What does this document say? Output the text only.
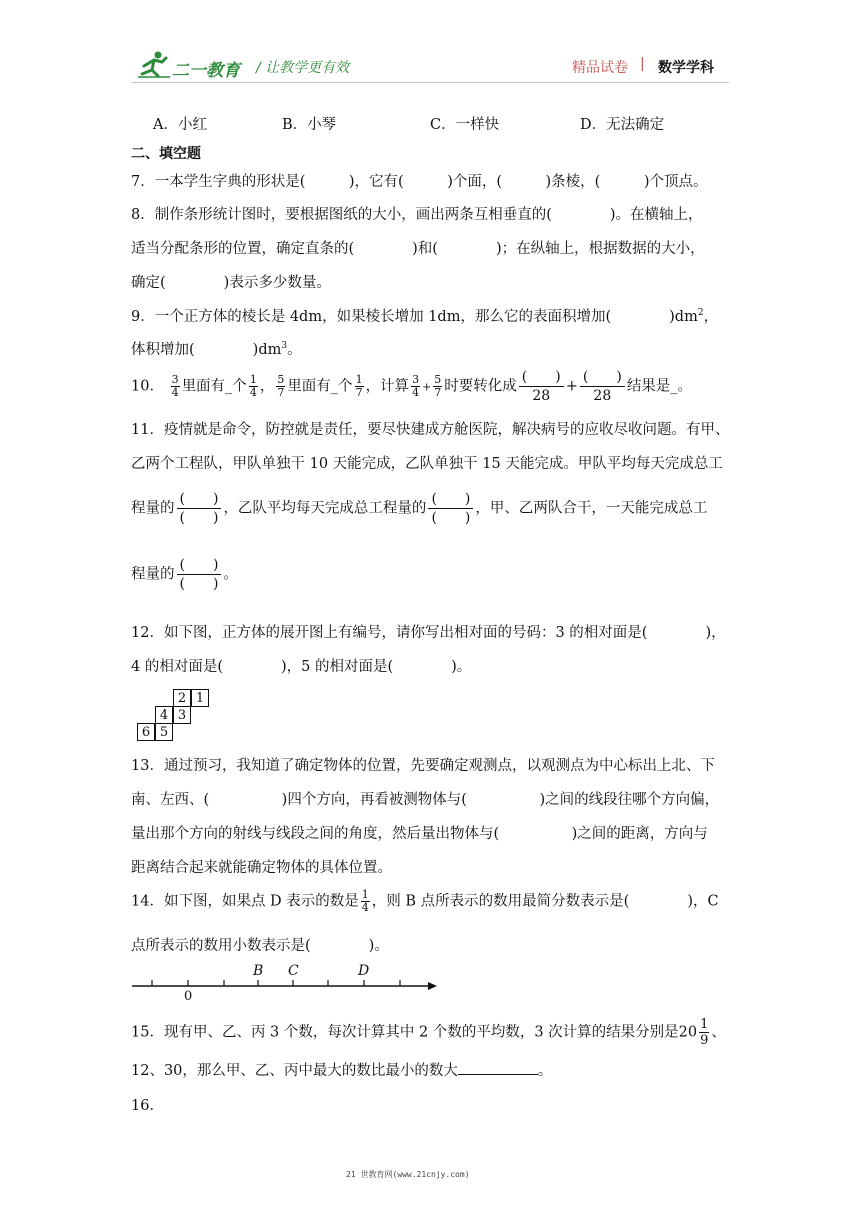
二一教育 / 让教学更有效	精品试卷 | 数学学科
A．小红	B．小琴	C．一样快	D．无法确定
二、填空题
7．一本学生字典的形状是(　　　)，它有(　　　)个面，(　　　)条棱，(　　　)个顶点。
8．制作条形统计图时，要根据图纸的大小，画出两条互相垂直的(　　　　)。在横轴上，
适当分配条形的位置，确定直条的(　　　　)和(　　　　)；在纵轴上，根据数据的大小，
确定(　　　　)表示多少数量。
9．一个正方体的棱长是 4dm，如果棱长增加 1dm，那么它的表面积增加(　　　　)$dm^2$，
体积增加(　　　　)$dm^3$。
10． $\frac{3}{4}$ 里面有_个 $\frac{1}{4}$ ， $\frac{5}{7}$ 里面有_个 $\frac{1}{7}$ ，计算 $\frac{3}{4} + \frac{5}{7}$ 时要转化成
(　　)
28
+
(　　)
28
结果是_。
11．疫情就是命令，防控就是责任，要尽快建成方舱医院，解决病号的应收尽收问题。有甲、
乙两个工程队，甲队单独干 10 天能完成，乙队单独干 15 天能完成。甲队平均每天完成总工
程量的
(　　)
(　　)
，乙队平均每天完成总工程量的
(　　)
(　　)
，甲、乙两队合干，一天能完成总工
程量的
(　　)
(　　)
。
12．如下图，正方体的展开图上有编号，请你写出相对面的号码：3 的相对面是(　　　　)，
4 的相对面是(　　　　)，5 的相对面是(　　　　)。
2 1
4 3
6 5
13．通过预习，我知道了确定物体的位置，先要确定观测点，以观测点为中心标出上北、下
南、左西、(　　　　　)四个方向，再看被测物体与(　　　　　)之间的线段往哪个方向偏，
量出那个方向的射线与线段之间的角度，然后量出物体与(　　　　　)之间的距离，方向与
距离结合起来就能确定物体的具体位置。
14．如下图，如果点 D 表示的数是 $\frac{1}{4}$ ，则 B 点所表示的数用最简分数表示是(　　　　)，C
点所表示的数用小数表示是(　　　　)。
B C	D
0
15．现有甲、乙、丙 3 个数，每次计算其中 2 个数的平均数，3 次计算的结果分别是$20 \frac{1}{9}$ 、
12、30，那么甲、乙、丙中最大的数比最小的数大	。
16．
21 世教育网(www.21cnjy.com)
